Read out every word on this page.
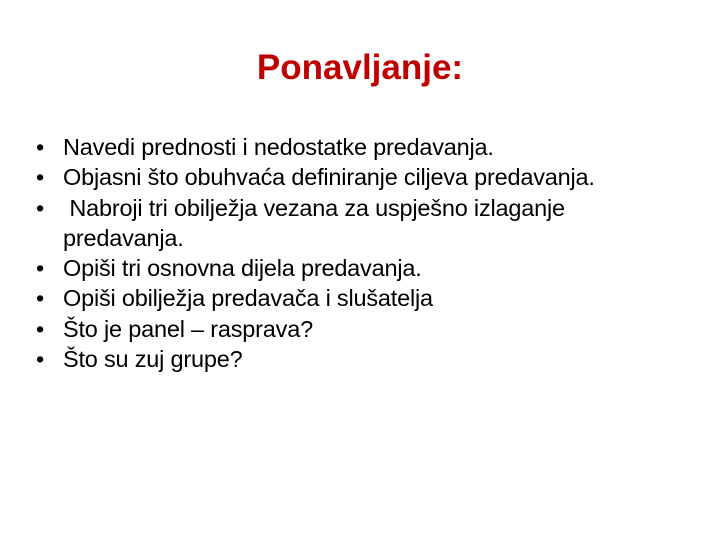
Ponavljanje:
• Navedi prednosti i nedostatke predavanja.
• Objasni što obuhvaća definiranje ciljeva predavanja.
• Nabroji tri obilježja vezana za uspješno izlaganje predavanja.
• Opiši tri osnovna dijela predavanja.
• Opiši obilježja predavača i slušatelja
• Što je panel – rasprava?
• Što su zuj grupe?
